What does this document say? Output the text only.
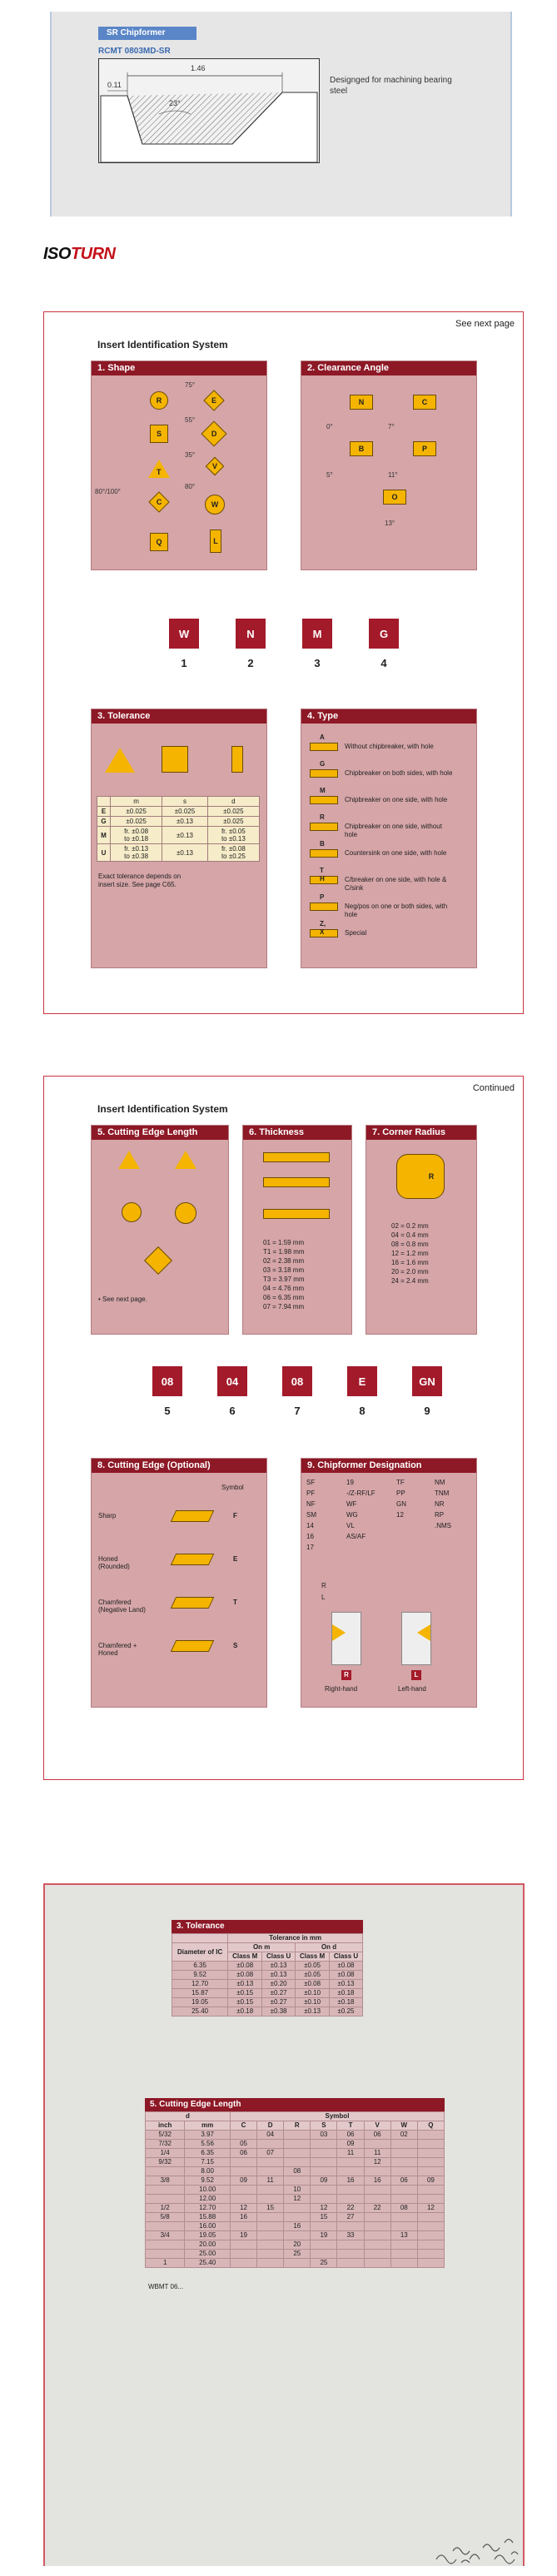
SR Chipformer
RCMT 0803MD-SR
1.46
0.11
23°
Designged for machining bearing steel
ISOTURN
See next page
Insert Identification System
1. Shape
R	E
S	D
T
V
C	W
Q	L
75°
55°
35°
80°
80°/100°
2. Clearance Angle
N	C
B	P
O
0°	7°
5°	11°
13°
W	N	M	G
1	2	3	4
3. Tolerance
	m	s	d
E	±0.025	±0.025	±0.025
G	±0.025	±0.13	±0.025
M	fr. ±0.08
to ±0.18	±0.13	fr. ±0.05
to ±0.13
U	fr. ±0.13
to ±0.38	±0.13	fr. ±0.08
to ±0.25
Exact tolerance depends on insert size. See page C65.
4. Type
A
Without chipbreaker, with hole
G
Chipbreaker on both sides, with hole
M
Chipbreaker on one side, with hole
R
Chipbreaker on one side, without hole
B
Countersink on one side, with hole
T H	C/breaker on one side, with hole & C/sink
P
Neg/pos on one or both sides, with hole
Z, X	Special
Continued
Insert Identification System
5. Cutting Edge Length
• See next page.
6. Thickness
01 = 1.59 mm
T1 = 1.98 mm
02 = 2.38 mm
03 = 3.18 mm
T3 = 3.97 mm
04 = 4.76 mm
06 = 6.35 mm
07 = 7.94 mm
7. Corner Radius
R
02 = 0.2 mm
04 = 0.4 mm
08 = 0.8 mm
12 = 1.2 mm
16 = 1.6 mm
20 = 2.0 mm
24 = 2.4 mm
08	04	08	E	GN
5	6	7	8	9
8. Cutting Edge (Optional)
Symbol
Sharp	F
Honed
(Rounded)
E
Chamfered
(Negative Land)
T
Chamfered +
Honed
S
9. Chipformer Designation
SF
PF
NF
SM
14
16
17
19
-/Z-RF/LF
WF
WG
VL
AS/AF
TF
PP
GN
12
NM
TNM
NR
RP
.NMS
R
L
R	L
Right-hand	Left-hand
3. Tolerance
	Tolerance in mm			
Diameter of IC	On m		On d	
	Class M	Class U	Class M	Class U
6.35	±0.08	±0.13	±0.05	±0.08
9.52	±0.08	±0.13	±0.05	±0.08
12.70	±0.13	±0.20	±0.08	±0.13
15.87	±0.15	±0.27	±0.10	±0.18
19.05	±0.15	±0.27	±0.10	±0.18
25.40	±0.18	±0.38	±0.13	±0.25
5. Cutting Edge Length
d		Symbol							
inch	mm	C	D	R	S	T	V	W	Q
5/32	3.97		04		03	06	06	02	
7/32	5.56	05				09			
1/4	6.35	06	07			11	11		
9/32	7.15						12		
	8.00			08					
3/8	9.52	09	11		09	16	16	06	09
	10.00			10					
	12.00			12					
1/2	12.70	12	15		12	22	22	08	12
5/8	15.88	16			15	27			
	16.00			16					
3/4	19.05	19			19	33		13	
	20.00			20					
	25.00			25					
1	25.40				25				
WBMT 06...
